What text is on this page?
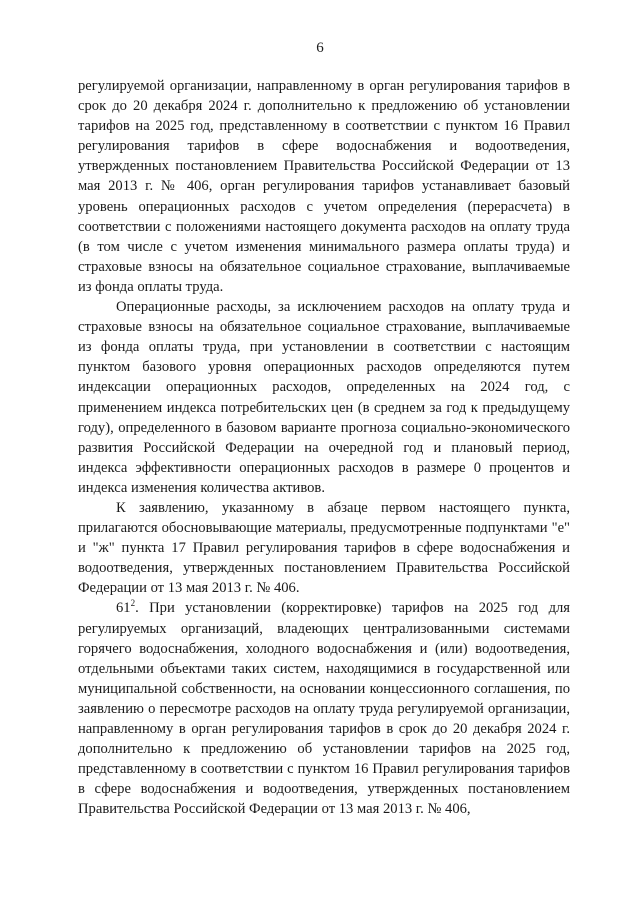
6

регулируемой организации, направленному в орган регулирования тарифов в срок до 20 декабря 2024 г. дополнительно к предложению об установлении тарифов на 2025 год, представленному в соответствии с пунктом 16 Правил регулирования тарифов в сфере водоснабжения и водоотведения, утвержденных постановлением Правительства Российской Федерации от 13 мая 2013 г. № 406, орган регулирования тарифов устанавливает базовый уровень операционных расходов с учетом определения (перерасчета) в соответствии с положениями настоящего документа расходов на оплату труда (в том числе с учетом изменения минимального размера оплаты труда) и страховые взносы на обязательное социальное страхование, выплачиваемые из фонда оплаты труда.

Операционные расходы, за исключением расходов на оплату труда и страховые взносы на обязательное социальное страхование, выплачиваемые из фонда оплаты труда, при установлении в соответствии с настоящим пунктом базового уровня операционных расходов определяются путем индексации операционных расходов, определенных на 2024 год, с применением индекса потребительских цен (в среднем за год к предыдущему году), определенного в базовом варианте прогноза социально-экономического развития Российской Федерации на очередной год и плановый период, индекса эффективности операционных расходов в размере 0 процентов и индекса изменения количества активов.

К заявлению, указанному в абзаце первом настоящего пункта, прилагаются обосновывающие материалы, предусмотренные подпунктами "е" и "ж" пункта 17 Правил регулирования тарифов в сфере водоснабжения и водоотведения, утвержденных постановлением Правительства Российской Федерации от 13 мая 2013 г. № 406.

$61^2$. При установлении (корректировке) тарифов на 2025 год для регулируемых организаций, владеющих централизованными системами горячего водоснабжения, холодного водоснабжения и (или) водоотведения, отдельными объектами таких систем, находящимися в государственной или муниципальной собственности, на основании концессионного соглашения, по заявлению о пересмотре расходов на оплату труда регулируемой организации, направленному в орган регулирования тарифов в срок до 20 декабря 2024 г. дополнительно к предложению об установлении тарифов на 2025 год, представленному в соответствии с пунктом 16 Правил регулирования тарифов в сфере водоснабжения и водоотведения, утвержденных постановлением Правительства Российской Федерации от 13 мая 2013 г. № 406,
